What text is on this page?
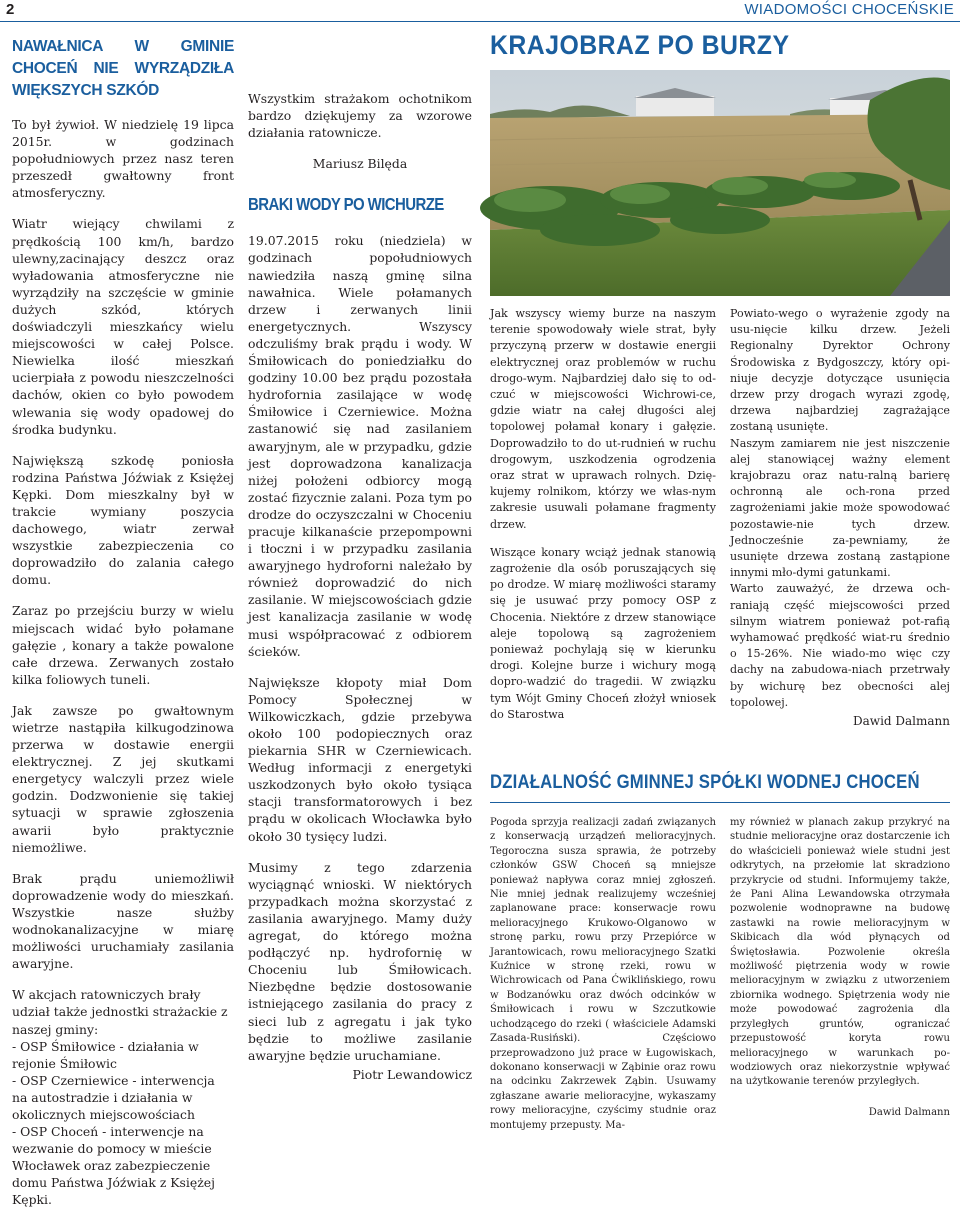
2	WIADOMOŚCI CHOCEŃSKIE
NAWAŁNICA W GMINIE CHOCEŃ NIE WYRZĄDZIŁA WIĘKSZYCH SZKÓD

To był żywioł. W niedzielę 19 lipca 2015r. w godzinach popołudniowych przez nasz teren przeszedł gwałtowny front atmosferyczny.

Wiatr wiejący chwilami z prędkością 100 km/h, bardzo ulewny,zacinający deszcz oraz wyładowania atmosferyczne nie wyrządziły na szczęście w gminie dużych szkód, których doświadczyli mieszkańcy wielu miejscowości w całej Polsce. Niewielka ilość mieszkań ucierpiała z powodu nieszczelności dachów, okien co było powodem wlewania się wody opadowej do środka budynku.

Największą szkodę poniosła rodzina Państwa Jóźwiak z Księżej Kępki. Dom mieszkalny był w trakcie wymiany poszycia dachowego, wiatr zerwał wszystkie zabezpieczenia co doprowadziło do zalania całego domu.

Zaraz po przejściu burzy w wielu miejscach widać było połamane gałęzie , konary a także powalone całe drzewa. Zerwanych zostało kilka foliowych tuneli.

Jak zawsze po gwałtownym wietrze nastąpiła kilkugodzinowa przerwa w dostawie energii elektrycznej. Z jej skutkami energetycy walczyli przez wiele godzin. Dodzwonienie się takiej sytuacji w sprawie zgłoszenia awarii było praktycznie niemożliwe.

Brak prądu uniemożliwił doprowadzenie wody do mieszkań. Wszystkie nasze służby wodnokanalizacyjne w miarę możliwości uruchamiały zasilania awaryjne.

W akcjach ratowniczych brały udział także jednostki strażackie z naszej gminy:

- OSP Śmiłowice - działania w rejonie Śmiłowic
- OSP Czerniewice - interwencja na autostradzie i działania w okolicznych miejscowościach
- OSP Choceń - interwencje na wezwanie do pomocy w mieście Włocławek oraz zabezpieczenie domu Państwa Jóźwiak z Księżej Kępki.

Wszystkim strażakom ochotnikom bardzo dziękujemy za wzorowe działania ratownicze.

Mariusz Bilęda

BRAKI WODY PO WICHURZE

19.07.2015 roku (niedziela) w godzinach popołudniowych nawiedziła naszą gminę silna nawałnica. Wiele połamanych drzew i zerwanych linii energetycznych. Wszyscy odczuliśmy brak prądu i wody. W Śmiłowicach do poniedziałku do godziny 10.00 bez prądu pozostała hydrofornia zasilające w wodę Śmiłowice i Czerniewice. Można zastanowić się nad zasilaniem awaryjnym, ale w przypadku, gdzie jest doprowadzona kanalizacja niżej położeni odbiorcy mogą zostać fizycznie zalani. Poza tym po drodze do oczyszczalni w Choceniu pracuje kilkanaście przepompowni i tłoczni i w przypadku zasilania awaryjnego hydroforni należało by również doprowadzić do nich zasilanie. W miejscowościach gdzie jest kanalizacja zasilanie w wodę musi współpracować z odbiorem ścieków.

Największe kłopoty miał Dom Pomocy Społecznej w Wilkowiczkach, gdzie przebywa około 100 podopiecznych oraz piekarnia SHR w Czerniewicach. Według informacji z energetyki uszkodzonych było około tysiąca stacji transformatorowych i bez prądu w okolicach Włocławka było około 30 tysięcy ludzi.

Musimy z tego zdarzenia wyciągnąć wnioski. W niektórych przypadkach można skorzystać z zasilania awaryjnego. Mamy duży agregat, do którego można podłączyć np. hydrofornię w Choceniu lub Śmiłowicach. Niezbędne będzie dostosowanie istniejącego zasilania do pracy z sieci lub z agregatu i jak tyko będzie to możliwe zasilanie awaryjne będzie uruchamiane.

Piotr Lewandowicz

KRAJOBRAZ PO BURZY

Jak wszyscy wiemy burze na naszym terenie spowodowały wiele strat, były przyczyną przerw w dostawie energii elektrycznej oraz problemów w ruchu drogo-wym. Najbardziej dało się to od-czuć w miejscowości Wichrowi-ce, gdzie wiatr na całej długości alej topolowej połamał konary i gałęzie. Doprowadziło to do ut-rudnień w ruchu drogowym, uszkodzenia ogrodzenia oraz strat w uprawach rolnych. Dzię-kujemy rolnikom, którzy we włas-nym zakresie usuwali połamane fragmenty drzew.

Wiszące konary wciąż jednak stanowią zagrożenie dla osób poruszających się po drodze. W miarę możliwości staramy się je usuwać przy pomocy OSP z Chocenia. Niektóre z drzew stanowiące aleje topolową są zagrożeniem ponieważ pochylają się w kierunku drogi. Kolejne burze i wichury mogą dopro-wadzić do tragedii. W związku tym Wójt Gminy Choceń złożył wniosek do Starostwa

Powiato-wego o wyrażenie zgody na usu-nięcie kilku drzew. Jeżeli Regionalny Dyrektor Ochrony Środowiska z Bydgoszczy, który opi-niuje decyzje dotyczące usunięcia drzew przy drogach wyrazi zgodę, drzewa najbardziej zagrażające zostaną usunięte.

Naszym zamiarem nie jest niszczenie alej stanowiącej ważny element krajobrazu oraz natu-ralną barierę ochronną ale och-rona przed zagrożeniami jakie może spowodować pozostawie-nie tych drzew. Jednocześnie za-pewniamy, że usunięte drzewa zostaną zastąpione innymi mło-dymi gatunkami.

Warto zauważyć, że drzewa och-raniają część miejscowości przed silnym wiatrem ponieważ pot-rafią wyhamować prędkość wiat-ru średnio o 15-26%. Nie wiado-mo więc czy dachy na zabudowa-niach przetrwały by wichurę bez obecności alej topolowej.

Dawid Dalmann

DZIAŁALNOŚĆ GMINNEJ SPÓŁKI WODNEJ CHOCEŃ

Pogoda sprzyja realizacji zadań związanych z konserwacją urządzeń melioracyjnych. Tegoroczna susza sprawia, że potrzeby członków GSW Choceń są mniejsze ponieważ napływa coraz mniej zgłoszeń. Nie mniej jednak realizujemy wcześniej zaplanowane prace: konserwacje rowu melioracyjnego Krukowo-Olganowo w stronę parku, rowu przy Przepiórce w Jarantowicach, rowu melioracyjnego Szatki Kuźnice w stronę rzeki, rowu w Wichrowicach od Pana Ćwiklińskiego, rowu w Bodzanówku oraz dwóch odcinków w Śmiłowicach i rowu w Szczutkowie uchodzącego do rzeki ( właściciele Adamski Zasada-Rusiński). Częściowo przeprowadzono już prace w Ługowiskach, dokonano konserwacji w Ząbinie oraz rowu na odcinku Zakrzewek Ząbin. Usuwamy zgłaszane awarie melioracyjne, wykaszamy rowy melioracyjne, czyścimy studnie oraz montujemy przepusty. Ma-

my również w planach zakup przykryć na studnie melioracyjne oraz dostarczenie ich do właścicieli ponieważ wiele studni jest odkrytych, na przełomie lat skradziono przykrycie od studni. Informujemy także, że Pani Alina Lewandowska otrzymała pozwolenie wodnoprawne na budowę zastawki na rowie melioracyjnym w Skibicach dla wód płynących od Świętosławia. Pozwolenie określa możliwość piętrzenia wody w rowie melioracyjnym w związku z utworzeniem zbiornika wodnego. Spiętrzenia wody nie może powodować zagrożenia dla przyległych gruntów, ograniczać przepustowość koryta rowu melioracyjnego w warunkach po-wodziowych oraz niekorzystnie wpływać na użytkowanie terenów przyległych.

Dawid Dalmann
